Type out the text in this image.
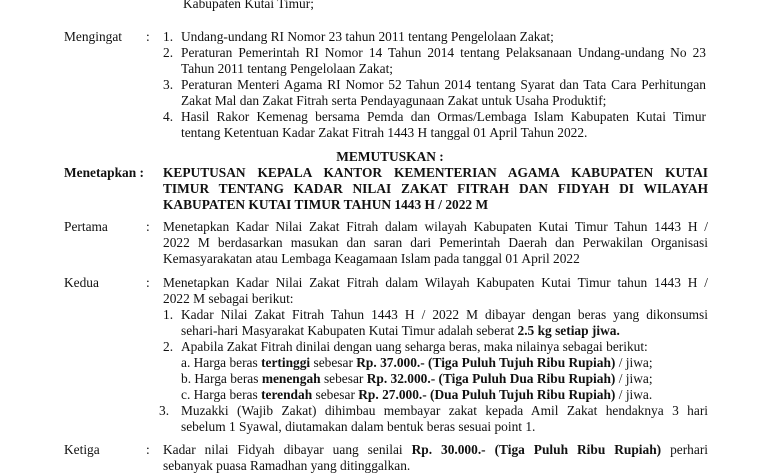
Kabupaten Kutai Timur;
Mengingat : 1. Undang-undang RI Nomor 23 tahun 2011 tentang Pengelolaan Zakat;
2. Peraturan Pemerintah RI Nomor 14 Tahun 2014 tentang Pelaksanaan Undang-undang No 23
Tahun 2011 tentang Pengelolaan Zakat;
3. Peraturan Menteri Agama RI Nomor 52 Tahun 2014 tentang Syarat dan Tata Cara Perhitungan
Zakat Mal dan Zakat Fitrah serta Pendayagunaan Zakat untuk Usaha Produktif;
4. Hasil Rakor Kemenag bersama Pemda dan Ormas/Lembaga Islam Kabupaten Kutai Timur
tentang Ketentuan Kadar Zakat Fitrah 1443 H tanggal 01 April Tahun 2022.
MEMUTUSKAN :
Menetapkan : KEPUTUSAN KEPALA KANTOR KEMENTERIAN AGAMA KABUPATEN KUTAI
TIMUR TENTANG KADAR NILAI ZAKAT FITRAH DAN FIDYAH DI WILAYAH
KABUPATEN KUTAI TIMUR TAHUN 1443 H / 2022 M
Pertama	: Menetapkan Kadar Nilai Zakat Fitrah dalam wilayah Kabupaten Kutai Timur Tahun 1443 H /
2022 M berdasarkan masukan dan saran dari Pemerintah Daerah dan Perwakilan Organisasi
Kemasyarakatan atau Lembaga Keagamaan Islam pada tanggal 01 April 2022
Kedua	: Menetapkan Kadar Nilai Zakat Fitrah dalam Wilayah Kabupaten Kutai Timur tahun 1443 H /
2022 M sebagai berikut:
1. Kadar Nilai Zakat Fitrah Tahun 1443 H / 2022 M dibayar dengan beras yang dikonsumsi
sehari-hari Masyarakat Kabupaten Kutai Timur adalah seberat 2.5 kg setiap jiwa.
2. Apabila Zakat Fitrah dinilai dengan uang seharga beras, maka nilainya sebagai berikut:
a. Harga beras tertinggi sebesar Rp. 37.000.- (Tiga Puluh Tujuh Ribu Rupiah) / jiwa;
b. Harga beras menengah sebesar Rp. 32.000.- (Tiga Puluh Dua Ribu Rupiah) / jiwa;
c. Harga beras terendah sebesar Rp. 27.000.- (Dua Puluh Tujuh Ribu Rupiah) / jiwa.
3. Muzakki (Wajib Zakat) dihimbau membayar zakat kepada Amil Zakat hendaknya 3 hari
sebelum 1 Syawal, diutamakan dalam bentuk beras sesuai point 1.
Ketiga	: Kadar nilai Fidyah dibayar uang senilai Rp. 30.000.- (Tiga Puluh Ribu Rupiah) perhari
sebanyak puasa Ramadhan yang ditinggalkan.
